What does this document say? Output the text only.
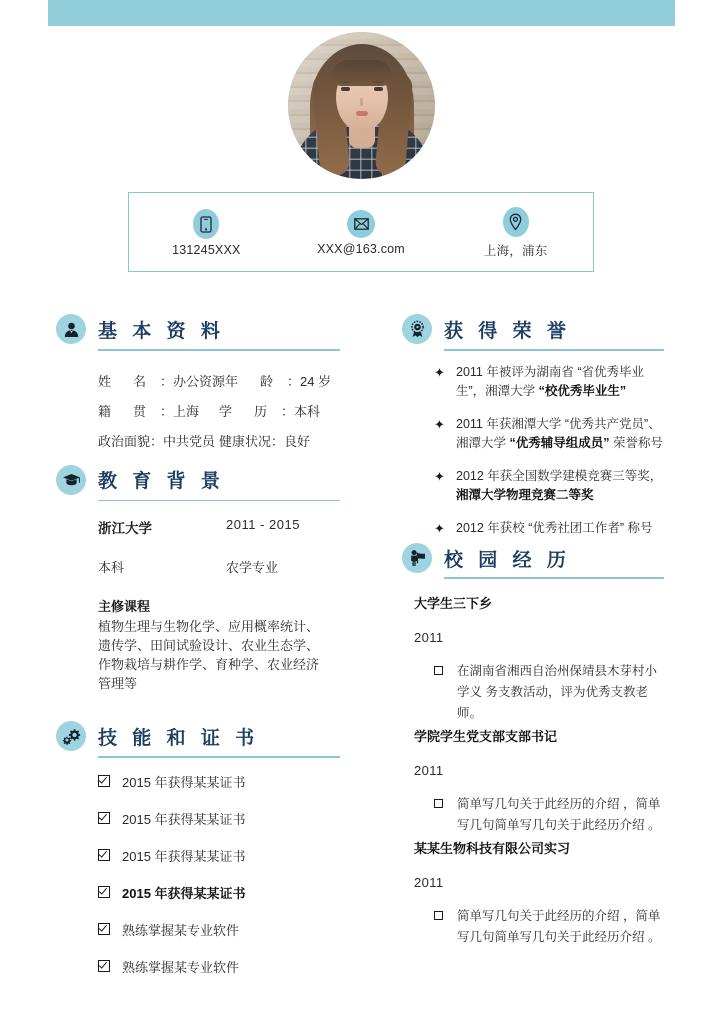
131245XXX	XXX@163.com	上海，浦东
基 本 资 料
姓 名 ：办公资源 年 龄 ：24 岁
籍 贯 ：上海	学 历 ：本科
政治面貌：中共党员 健康状况：良好
教 育 背 景
浙江大学	2011 - 2015
本科	农学专业
主修课程
植物生理与生物化学、应用概率统计、遗传学、田间试验设计、农业生态学、作物栽培与耕作学、育种学、农业经济管理等
技 能 和 证 书
2015 年获得某某证书
2015 年获得某某证书
2015 年获得某某证书
2015 年获得某某证书
熟练掌握某专业软件
熟练掌握某专业软件
获 得 荣 誉
✦ 2011 年被评为湖南省 “省优秀毕业生”，湘潭大学 “校优秀毕业生”
✦ 2011 年获湘潭大学 “优秀共产党员”、湘潭大学 “优秀辅导组成员” 荣誉称号
✦ 2012 年获全国数学建模竞赛三等奖，湘潭大学物理竞赛二等奖
✦ 2012 年获校 “优秀社团工作者” 称号
校 园 经 历
大学生三下乡
2011
在湖南省湘西自治州保靖县木芽村小学义 务支教活动，评为优秀支教老师。
学院学生党支部支部书记
2011
简单写几句关于此经历的介绍 ，简单写几句简单写几句关于此经历介绍 。
某某生物科技有限公司实习
2011
简单写几句关于此经历的介绍 ，简单写几句简单写几句关于此经历介绍 。
